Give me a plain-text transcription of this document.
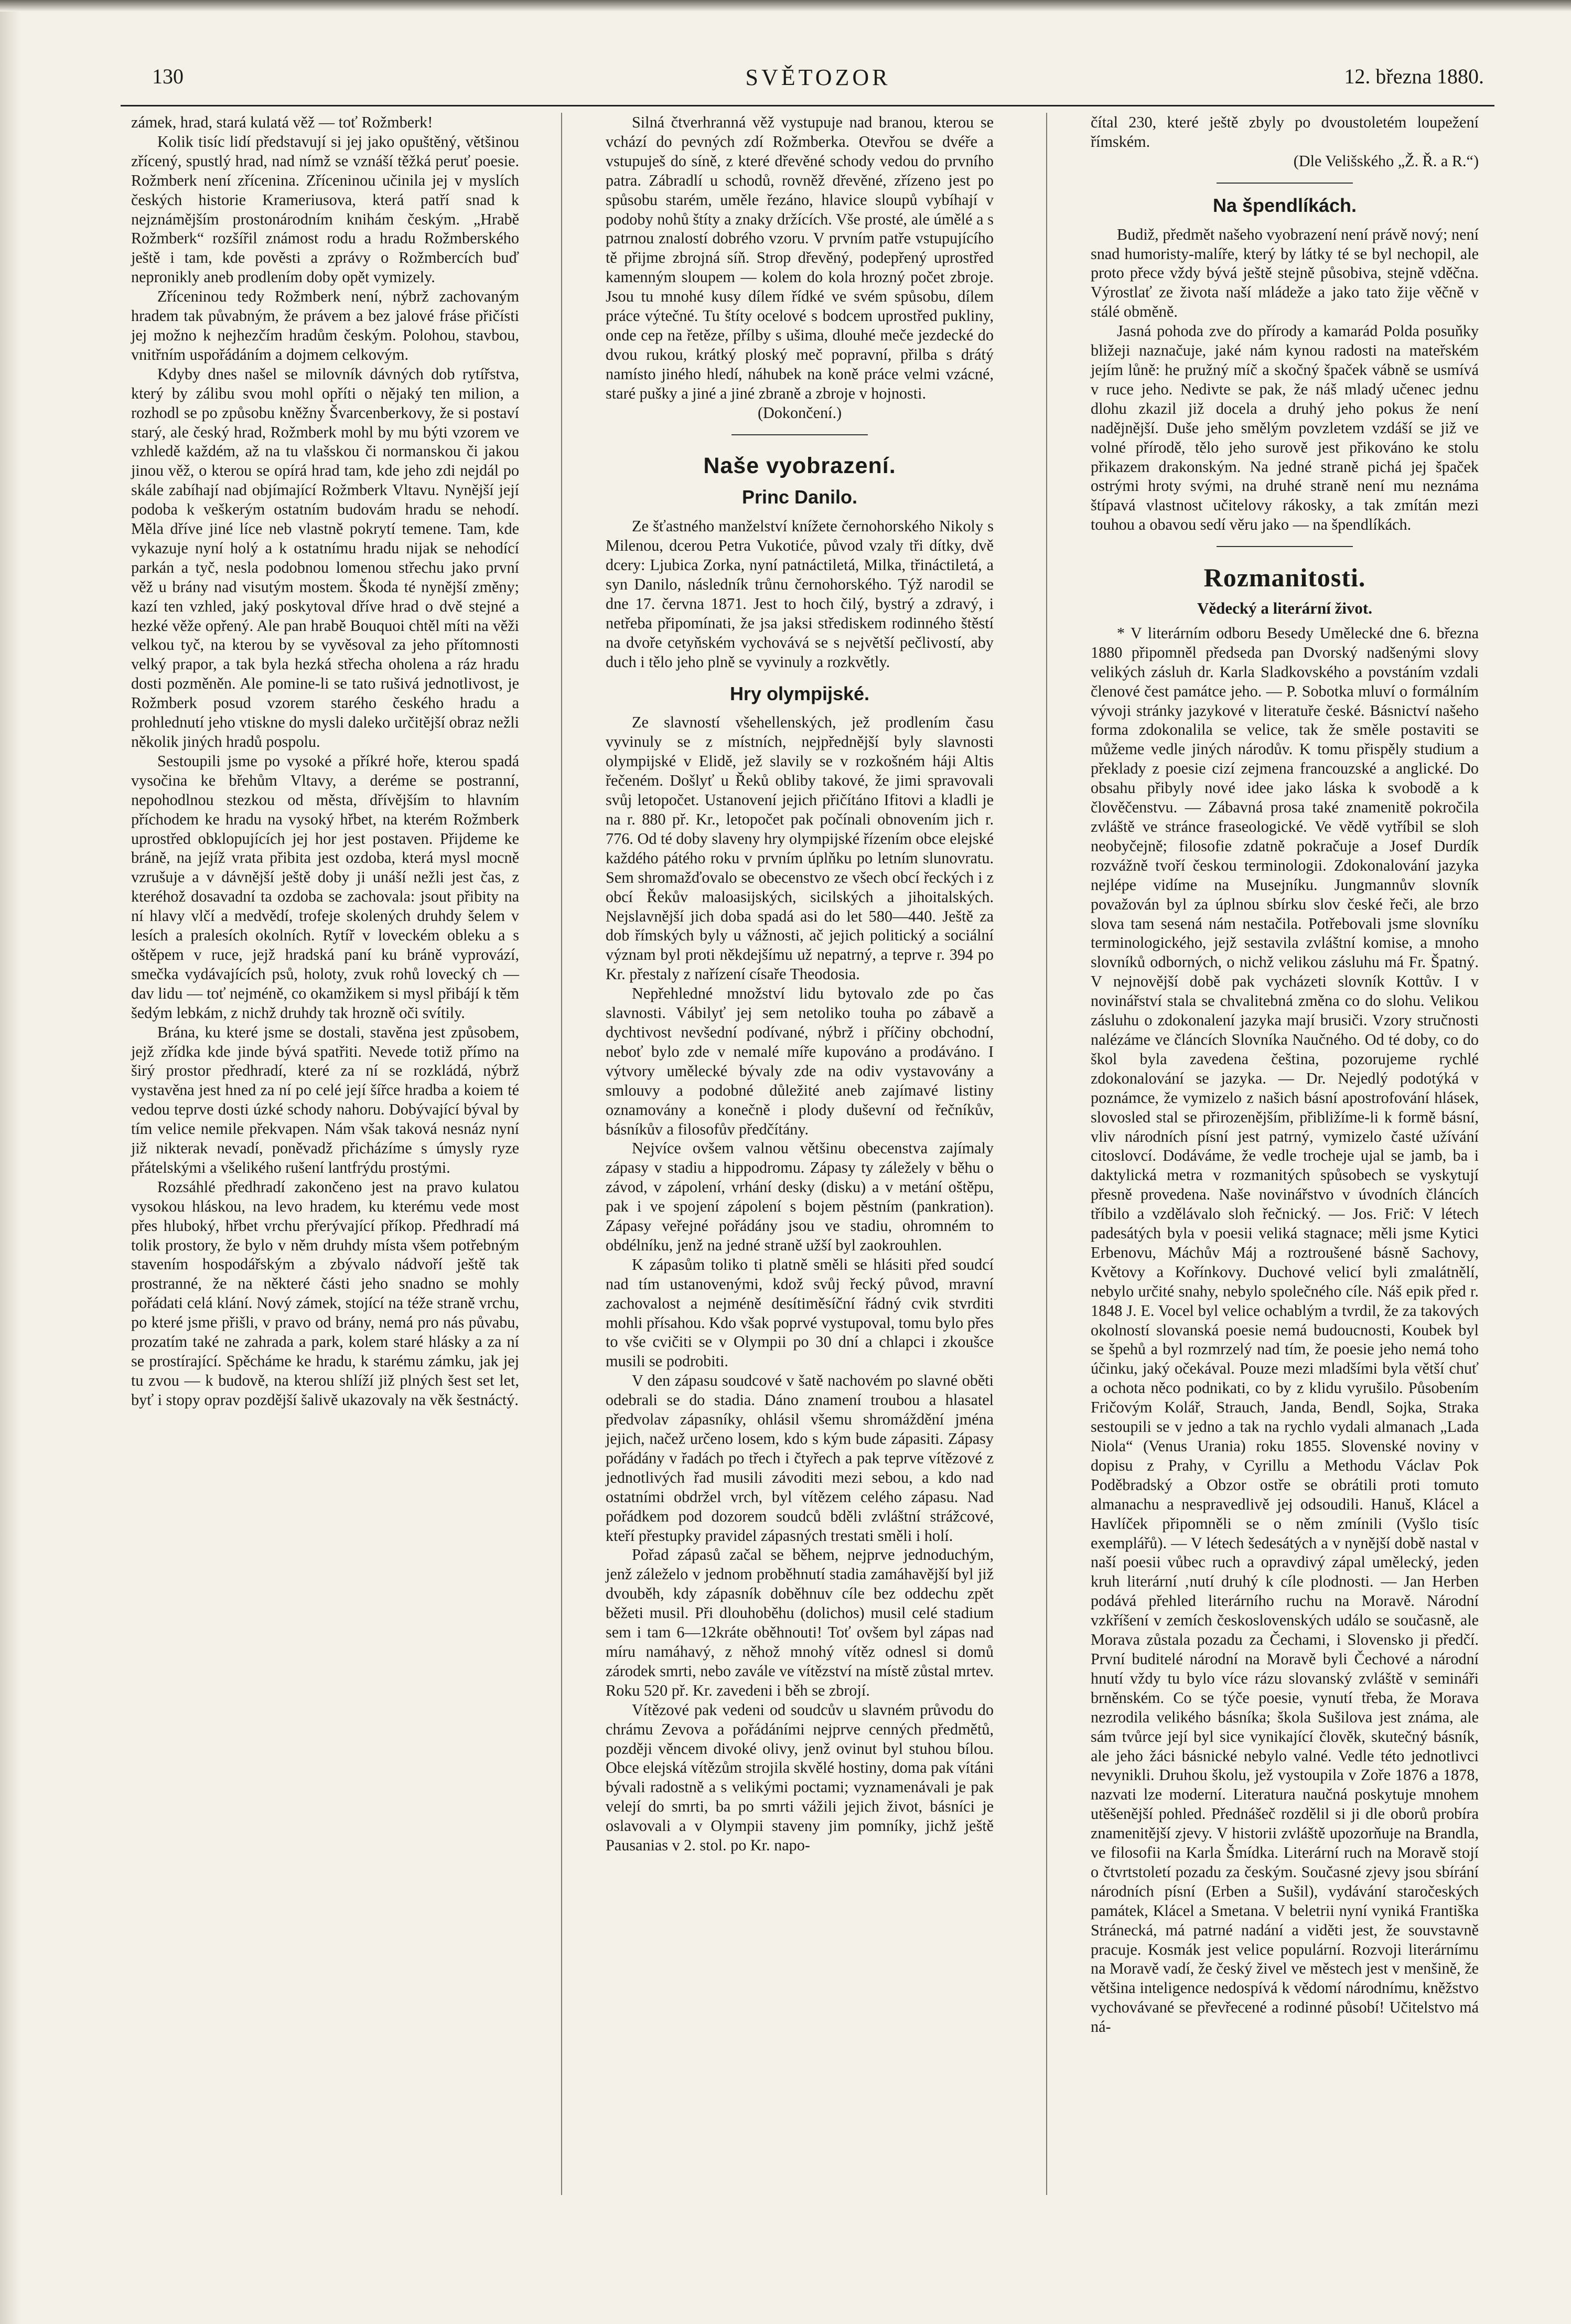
130	SVĚTOZOR	12. března 1880.

zámek, hrad, stará kulatá věž — toť Rožmberk!

Kolik tisíc lidí představují si jej jako opuštěný, většinou zřícený, spustlý hrad, nad nímž se vznáší těžká peruť poesie. Rožmberk není zřícenina. Zříceninou učinila jej v myslích českých historie Krameriusova, která patří snad k nejznámějším prostonárodním knihám českým. „Hrabě Rožmberk“ rozšířil známost rodu a hradu Rožmberského ještě i tam, kde pověsti a zprávy o Rožmbercích buď nepronikly aneb prodlením doby opět vymizely.

Zříceninou tedy Rožmberk není, nýbrž zachovaným hradem tak půvabným, že právem a bez jalové fráse přičísti jej možno k nejhezčím hradům českým. Polohou, stavbou, vnitřním uspořádáním a dojmem celkovým.

Kdyby dnes našel se milovník dávných dob rytířstva, který by zálibu svou mohl opříti o nějaký ten milion, a rozhodl se po způsobu kněžny Švarcenberkovy, že si postaví starý, ale český hrad, Rožmberk mohl by mu býti vzorem ve vzhledě každém, až na tu vlašskou či normanskou či jakou jinou věž, o kterou se opírá hrad tam, kde jeho zdi nejdál po skále zabíhají nad objímající Rožmberk Vltavu. Nynější její podoba k veškerým ostatním budovám hradu se nehodí. Měla dříve jiné líce neb vlastně pokrytí temene. Tam, kde vykazuje nyní holý a k ostatnímu hradu nijak se nehodící parkán a tyč, nesla podobnou lomenou střechu jako první věž u brány nad visutým mostem. Škoda té nynější změny; kazí ten vzhled, jaký poskytoval dříve hrad o dvě stejné a hezké věže opřený. Ale pan hrabě Bouquoi chtěl míti na věži velkou tyč, na kterou by se vyvěsoval za jeho přítomnosti velký prapor, a tak byla hezká střecha oholena a ráz hradu dosti pozměněn. Ale pomine-li se tato rušivá jednotlivost, je Rožmberk posud vzorem starého českého hradu a prohlednutí jeho vtiskne do mysli daleko určitější obraz nežli několik jiných hradů pospolu.

Sestoupili jsme po vysoké a příkré hoře, kterou spadá vysočina ke břehům Vltavy, a deréme se postranní, nepohodlnou stezkou od města, dřívějším to hlavním příchodem ke hradu na vysoký hřbet, na kterém Rožmberk uprostřed obklopujících jej hor jest postaven. Přijdeme ke bráně, na jejíž vrata přibita jest ozdoba, která mysl mocně vzrušuje a v dávnější ještě doby ji unáší nežli jest čas, z kteréhož dosavadní ta ozdoba se zachovala: jsout přibity na ní hlavy vlčí a medvědí, trofeje skolených druhdy šelem v lesích a pralesích okolních. Rytíř v loveckém obleku a s oštěpem v ruce, jejž hradská paní ku bráně vyprovází, smečka vydávajících psů, holoty, zvuk rohů lovecký ch — dav lidu — toť nejméně, co okamžikem si mysl přibájí k těm šedým lebkám, z nichž druhdy tak hrozně oči svítily.

Brána, ku které jsme se dostali, stavěna jest způsobem, jejž zřídka kde jinde bývá spatřiti. Nevede totiž přímo na širý prostor předhradí, které za ní se rozkládá, nýbrž vystavěna jest hned za ní po celé její šířce hradba a koiem té vedou teprve dosti úzké schody nahoru. Dobývající býval by tím velice nemile překvapen. Nám však taková nesnáz nyní již nikterak nevadí, poněvadž přicházíme s úmysly ryze přátelskými a všelikého rušení lantfrýdu prostými.

Rozsáhlé předhradí zakončeno jest na pravo kulatou vysokou hláskou, na levo hradem, ku kterému vede most přes hluboký, hřbet vrchu přerývající příkop. Předhradí má tolik prostory, že bylo v něm druhdy místa všem potřebným stavením hospodářským a zbývalo nádvoří ještě tak prostranné, že na některé části jeho snadno se mohly pořádati celá klání. Nový zámek, stojící na téže straně vrchu, po které jsme přišli, v pravo od brány, nemá pro nás půvabu, prozatím také ne zahrada a park, kolem staré hlásky a za ní se prostírající. Spěcháme ke hradu, k starému zámku, jak jej tu zvou — k budově, na kterou shlíží již plných šest set let, byť i stopy oprav pozdější šalivě ukazovaly na věk šestnáctý.

Silná čtverhranná věž vystupuje nad branou, kterou se vchází do pevných zdí Rožmberka. Otevřou se dvéře a vstupuješ do síně, z které dřevěné schody vedou do prvního patra. Zábradlí u schodů, rovněž dřevěné, zřízeno jest po spůsobu starém, uměle řezáno, hlavice sloupů vybíhají v podoby nohů štíty a znaky držících. Vše prosté, ale úmělé a s patrnou znalostí dobrého vzoru. V prvním patře vstupujícího tě přijme zbrojná síň. Strop dřevěný, podepřený uprostřed kamenným sloupem — kolem do kola hrozný počet zbroje. Jsou tu mnohé kusy dílem řídké ve svém spůsobu, dílem práce výtečné. Tu štíty ocelové s bodcem uprostřed pukliny, onde cep na řetěze, přílby s ušima, dlouhé meče jezdecké do dvou rukou, krátký ploský meč popravní, přilba s drátý namísto jiného hledí, náhubek na koně práce velmi vzácné, staré pušky a jiné a jiné zbraně a zbroje v hojnosti.

(Dokončení.)

Naše vyobrazení.
Princ Danilo.

Ze šťastného manželství knížete černohorského Nikoly s Milenou, dcerou Petra Vukotiće, původ vzaly tři dítky, dvě dcery: Ljubica Zorka, nyní patnáctiletá, Milka, třináctiletá, a syn Danilo, následník trůnu černohorského. Týž narodil se dne 17. června 1871. Jest to hoch čilý, bystrý a zdravý, i netřeba připomínati, že jsa jaksi střediskem rodinného štěstí na dvoře cetyňském vychovává se s největší pečlivostí, aby duch i tělo jeho plně se vyvinuly a rozkvětly.

Hry olympijské.

Ze slavností všehellenských, jež prodlením času vyvinuly se z místních, nejpřednější byly slavnosti olympijské v Elidě, jež slavily se v rozkošném háji Altis řečeném. Došlyť u Řeků obliby takové, že jimi spravovali svůj letopočet. Ustanovení jejich přičítáno Ifitovi a kladli je na r. 880 př. Kr., letopočet pak počínali obnovením jich r. 776. Od té doby slaveny hry olympijské řízením obce elejské každého pátého roku v prvním úplňku po letním slunovratu. Sem shromažďovalo se obecenstvo ze všech obcí řeckých i z obcí Řekův maloasijských, sicilských a jihoitalských. Nejslavnější jich doba spadá asi do let 580—440. Ještě za dob římských byly u vážnosti, ač jejich politický a sociální význam byl proti někdejšímu už nepatrný, a teprve r. 394 po Kr. přestaly z nařízení císaře Theodosia.

Nepřehledné množství lidu bytovalo zde po čas slavnosti. Vábilyť jej sem netoliko touha po zábavě a dychtivost nevšední podívané, nýbrž i příčiny obchodní, neboť bylo zde v nemalé míře kupováno a prodáváno. I výtvory umělecké bývaly zde na odiv vystavovány a smlouvy a podobné důležité aneb zajímavé listiny oznamovány a konečně i plody duševní od řečníkův, básníkův a filosofův předčítány.

Nejvíce ovšem valnou většinu obecenstva zajímaly zápasy v stadiu a hippodromu. Zápasy ty záležely v běhu o závod, v zápolení, vrhání desky (disku) a v metání oštěpu, pak i ve spojení zápolení s bojem pěstním (pankration). Zápasy veřejné pořádány jsou ve stadiu, ohromném to obdélníku, jenž na jedné straně užší byl zaokrouhlen.

K zápasům toliko ti platně směli se hlásiti před soudcí nad tím ustanovenými, kdož svůj řecký původ, mravní zachovalost a nejméně desítiměsíční řádný cvik stvrditi mohli přísahou. Kdo však poprvé vystupoval, tomu bylo přes to vše cvičiti se v Olympii po 30 dní a chlapci i zkoušce musili se podrobiti.

V den zápasu soudcové v šatě nachovém po slavné oběti odebrali se do stadia. Dáno znamení troubou a hlasatel předvolav zápasníky, ohlásil všemu shromáždění jména jejich, načež určeno losem, kdo s kým bude zápasiti. Zápasy pořádány v řadách po třech i čtyřech a pak teprve vítězové z jednotlivých řad musili závoditi mezi sebou, a kdo nad ostatními obdržel vrch, byl vítězem celého zápasu. Nad pořádkem pod dozorem soudců bděli zvláštní strážcové, kteří přestupky pravidel zápasných trestati směli i holí.

Pořad zápasů začal se během, nejprve jednoduchým, jenž záleželo v jednom proběhnutí stadia zamáhavější byl již dvouběh, kdy zápasník doběhnuv cíle bez oddechu zpět běžeti musil. Při dlouhoběhu (dolichos) musil celé stadium sem i tam 6—12kráte oběhnouti! Toť ovšem byl zápas nad míru namáhavý, z něhož mnohý vítěz odnesl si domů zárodek smrti, nebo zavále ve vítězství na místě zůstal mrtev. Roku 520 př. Kr. zavedeni i běh se zbrojí.

Vítězové pak vedeni od soudcův u slavném průvodu do chrámu Zevova a pořádáními nejprve cenných předmětů, později věncem divoké olivy, jenž ovinut byl stuhou bílou. Obce elejská vítězům strojila skvělé hostiny, doma pak vítáni bývali radostně a s velikými poctami; vyznamenávali je pak velejí do smrti, ba po smrti vážili jejich život, básníci je oslavovali a v Olympii staveny jim pomníky, jichž ještě Pausanias v 2. stol. po Kr. napo-

čítal 230, které ještě zbyly po dvoustoletém loupežení římském.

(Dle Velišského „Ž. Ř. a R.“)

Na špendlíkách.

Budiž, předmět našeho vyobrazení není právě nový; není snad humoristy-malíře, který by látky té se byl nechopil, ale proto přece vždy bývá ještě stejně působiva, stejně vděčna. Výrostlať ze života naší mládeže a jako tato žije věčně v stálé obměně.

Jasná pohoda zve do přírody a kamarád Polda posuňky bližeji naznačuje, jaké nám kynou radosti na mateřském jejím lůně: he pružný míč a skočný špaček vábně se usmívá v ruce jeho. Nedivte se pak, že náš mladý učenec jednu dlohu zkazil již docela a druhý jeho pokus že není nadějnější. Duše jeho smělým povzletem vzdáší se již ve volné přírodě, tělo jeho surově jest přikováno ke stolu přikazem drakonským. Na jedné straně pichá jej špaček ostrými hroty svými, na druhé straně není mu neznáma štípavá vlastnost učitelovy rákosky, a tak zmítán mezi touhou a obavou sedí věru jako — na špendlíkách.

Rozmanitosti.
Vědecký a literární život.

* V literárním odboru Besedy Umělecké dne 6. března 1880 připomněl předseda pan Dvorský nadšenými slovy velikých zásluh dr. Karla Sladkovského a povstáním vzdali členové čest památce jeho. — P. Sobotka mluví o formálním vývoji stránky jazykové v literatuře české. Básnictví našeho forma zdokonalila se velice, tak že směle postaviti se můžeme vedle jiných národův. K tomu přispěly studium a překlady z poesie cizí zejmena francouzské a anglické. Do obsahu přibyly nové idee jako láska k svobodě a k člověčenstvu. — Zábavná prosa také znamenitě pokročila zvláště ve stránce fraseologické. Ve vědě vytříbil se sloh neobyčejně; filosofie zdatně pokračuje a Josef Durdík rozvážně tvoří českou terminologii. Zdokonalování jazyka nejlépe vidíme na Musejníku. Jungmannův slovník považován byl za úplnou sbírku slov české řeči, ale brzo slova tam sesená nám nestačila. Potřebovali jsme slovníku terminologického, jejž sestavila zvláštní komise, a mnoho slovníků odborných, o nichž velikou zásluhu má Fr. Špatný. V nejnovější době pak vycházeti slovník Kottův. I v novinářství stala se chvalitebná změna co do slohu. Velikou zásluhu o zdokonalení jazyka mají brusiči. Vzory stručnosti nalézáme ve článcích Slovníka Naučného. Od té doby, co do škol byla zavedena čeština, pozorujeme rychlé zdokonalování se jazyka. — Dr. Nejedlý podotýká v poznámce, že vymizelo z našich básní apostrofování hlásek, slovosled stal se přirozenějším, přibližíme-li k formě básní, vliv národních písní jest patrný, vymizelo časté užívání citoslovcí. Dodáváme, že vedle trocheje ujal se jamb, ba i daktylická metra v rozmanitých spůsobech se vyskytují přesně provedena. Naše novinářstvo v úvodních článcích tříbilo a vzdělávalo sloh řečnický. — Jos. Frič: V létech padesátých byla v poesii veliká stagnace; měli jsme Kytici Erbenovu, Máchův Máj a roztroušené básně Sachovy, Květovy a Kořínkovy. Duchové velicí byli zmalátnělí, nebylo určité snahy, nebylo společného cíle. Náš epik před r. 1848 J. E. Vocel byl velice ochablým a tvrdil, že za takových okolností slovanská poesie nemá budoucnosti, Koubek byl se špehů a byl rozmrzelý nad tím, že poesie jeho nemá toho účinku, jaký očekával. Pouze mezi mladšími byla větší chuť a ochota něco podnikati, co by z klidu vyrušilo. Působením Fričovým Kolář, Strauch, Janda, Bendl, Sojka, Straka sestoupili se v jedno a tak na rychlo vydali almanach „Lada Niola“ (Venus Urania) roku 1855. Slovenské noviny v dopisu z Prahy, v Cyrillu a Methodu Václav Pok Poděbradský a Obzor ostře se obrátili proti tomuto almanachu a nespravedlivě jej odsoudili. Hanuš, Klácel a Havlíček připomněli se o něm zmínili (Vyšlo tisíc exemplářů). — V létech šedesátých a v nynější době nastal v naší poesii vůbec ruch a opravdivý zápal umělecký, jeden kruh literární ‚nutí druhý k cíle plodnosti. — Jan Herben podává přehled literárního ruchu na Moravě. Národní vzkříšení v zemích československých událo se současně, ale Morava zůstala pozadu za Čechami, i Slovensko ji předčí. První buditelé národní na Moravě byli Čechové a národní hnutí vždy tu bylo více rázu slovanský zvláště v semináři brněnském. Co se týče poesie, vynutí třeba, že Morava nezrodila velikého básníka; škola Sušilova jest známa, ale sám tvůrce její byl sice vynikající člověk, skutečný básník, ale jeho žáci básnické nebylo valné. Vedle této jednotlivci nevynikli. Druhou školu, jež vystoupila v Zoře 1876 a 1878, nazvati lze moderní. Literatura naučná poskytuje mnohem utěšenější pohled. Přednášeč rozdělil si ji dle oborů probíra znamenitější zjevy. V historii zvláště upozorňuje na Brandla, ve filosofii na Karla Šmídka. Literární ruch na Moravě stojí o čtvrtstoletí pozadu za českým. Současné zjevy jsou sbírání národních písní (Erben a Sušil), vydávání staročeských památek, Klácel a Smetana. V beletrii nyní vyniká Františka Stránecká, má patrné nadání a viděti jest, že souvstavně pracuje. Kosmák jest velice populární. Rozvoji literárnímu na Moravě vadí, že český živel ve městech jest v menšině, že většina inteligence nedospívá k vědomí národnímu, kněžstvo vychovávané se převřecené a rodinné působí! Učitelstvo má ná-
